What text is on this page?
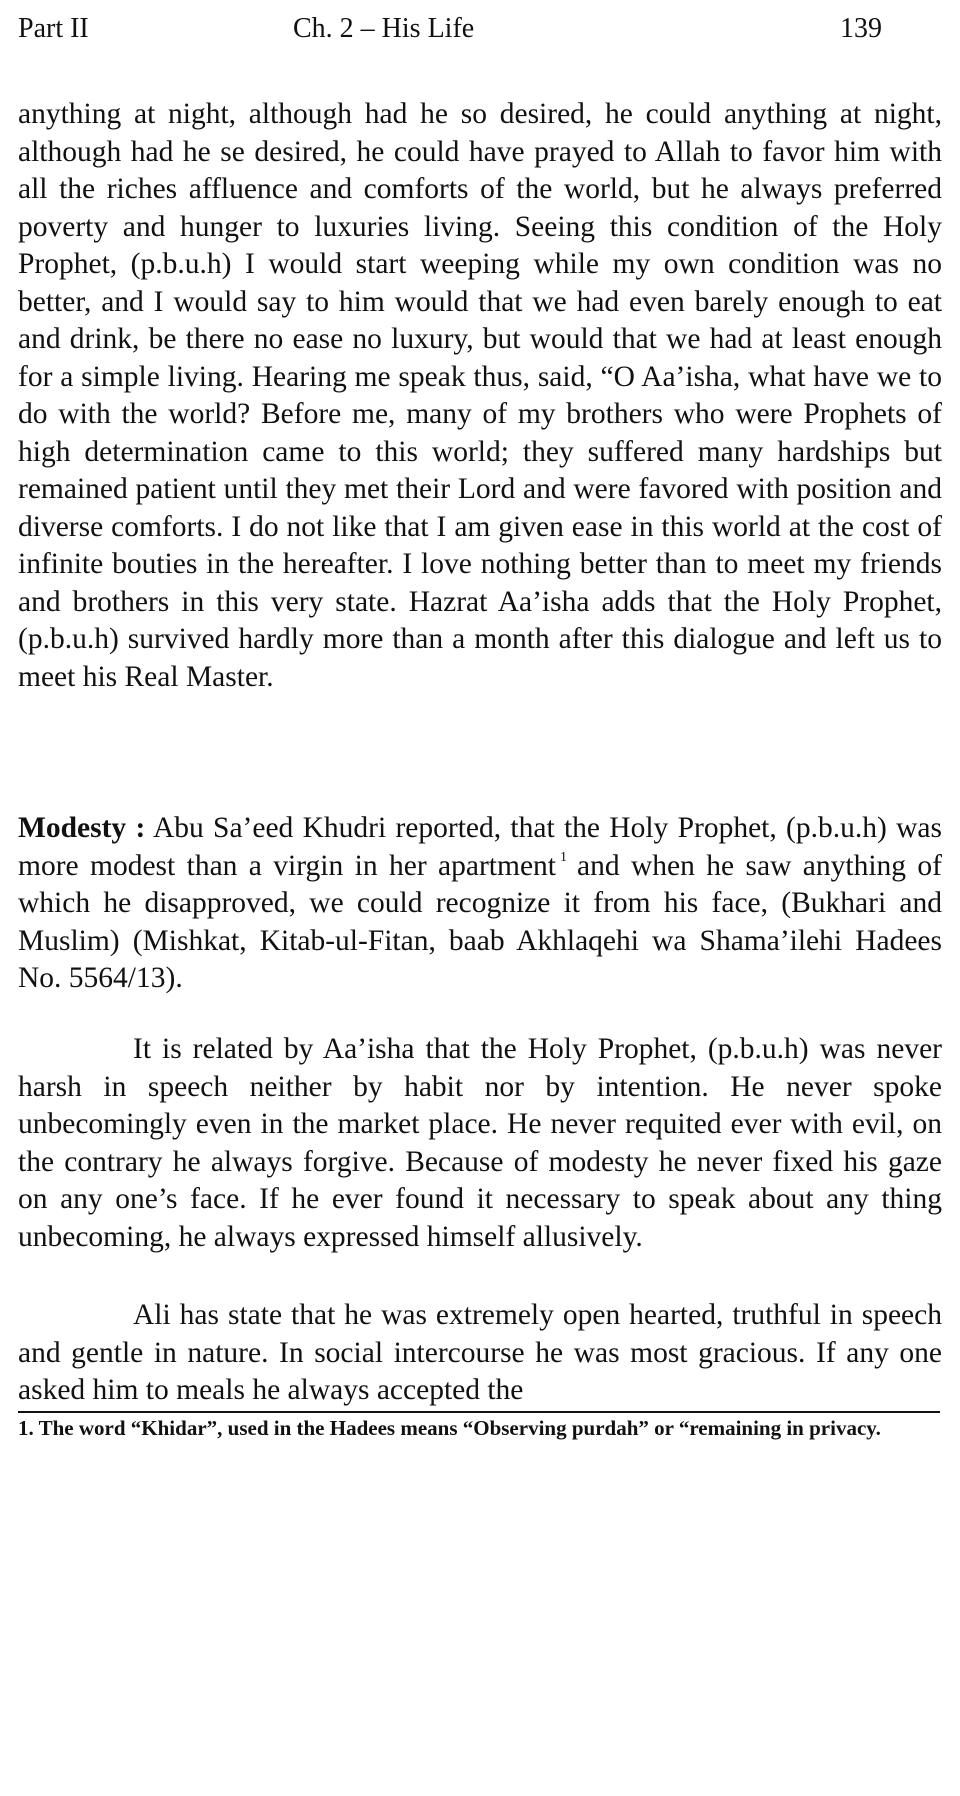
Part II	Ch. 2 – His Life	139

anything at night, although had he so desired, he could anything at night, although had he se desired, he could have prayed to Allah to favor him with all the riches affluence and comforts of the world, but he always preferred poverty and hunger to luxuries living. Seeing this condition of the Holy Prophet, (p.b.u.h) I would start weeping while my own condition was no better, and I would say to him would that we had even barely enough to eat and drink, be there no ease no luxury, but would that we had at least enough for a simple living. Hearing me speak thus, said, “O Aa’isha, what have we to do with the world? Before me, many of my brothers who were Prophets of high determination came to this world; they suffered many hardships but remained patient until they met their Lord and were favored with position and diverse comforts. I do not like that I am given ease in this world at the cost of infinite bouties in the hereafter. I love nothing better than to meet my friends and brothers in this very state. Hazrat Aa’isha adds that the Holy Prophet, (p.b.u.h) survived hardly more than a month after this dialogue and left us to meet his Real Master.

Modesty : Abu Sa’eed Khudri reported, that the Holy Prophet, (p.b.u.h) was more modest than a virgin in her apartment $^1$ and when he saw anything of which he disapproved, we could recognize it from his face, (Bukhari and Muslim) (Mishkat, Kitab-ul-Fitan, baab Akhlaqehi wa Shama’ilehi Hadees No. 5564/13).

It is related by Aa’isha that the Holy Prophet, (p.b.u.h) was never harsh in speech neither by habit nor by intention. He never spoke unbecomingly even in the market place. He never requited ever with evil, on the contrary he always forgive. Because of modesty he never fixed his gaze on any one’s face. If he ever found it necessary to speak about any thing unbecoming, he always expressed himself allusively.

Ali has state that he was extremely open hearted, truthful in speech and gentle in nature. In social intercourse he was most gracious. If any one asked him to meals he always accepted the

1. The word “Khidar”, used in the Hadees means “Observing purdah” or “remaining in privacy.
